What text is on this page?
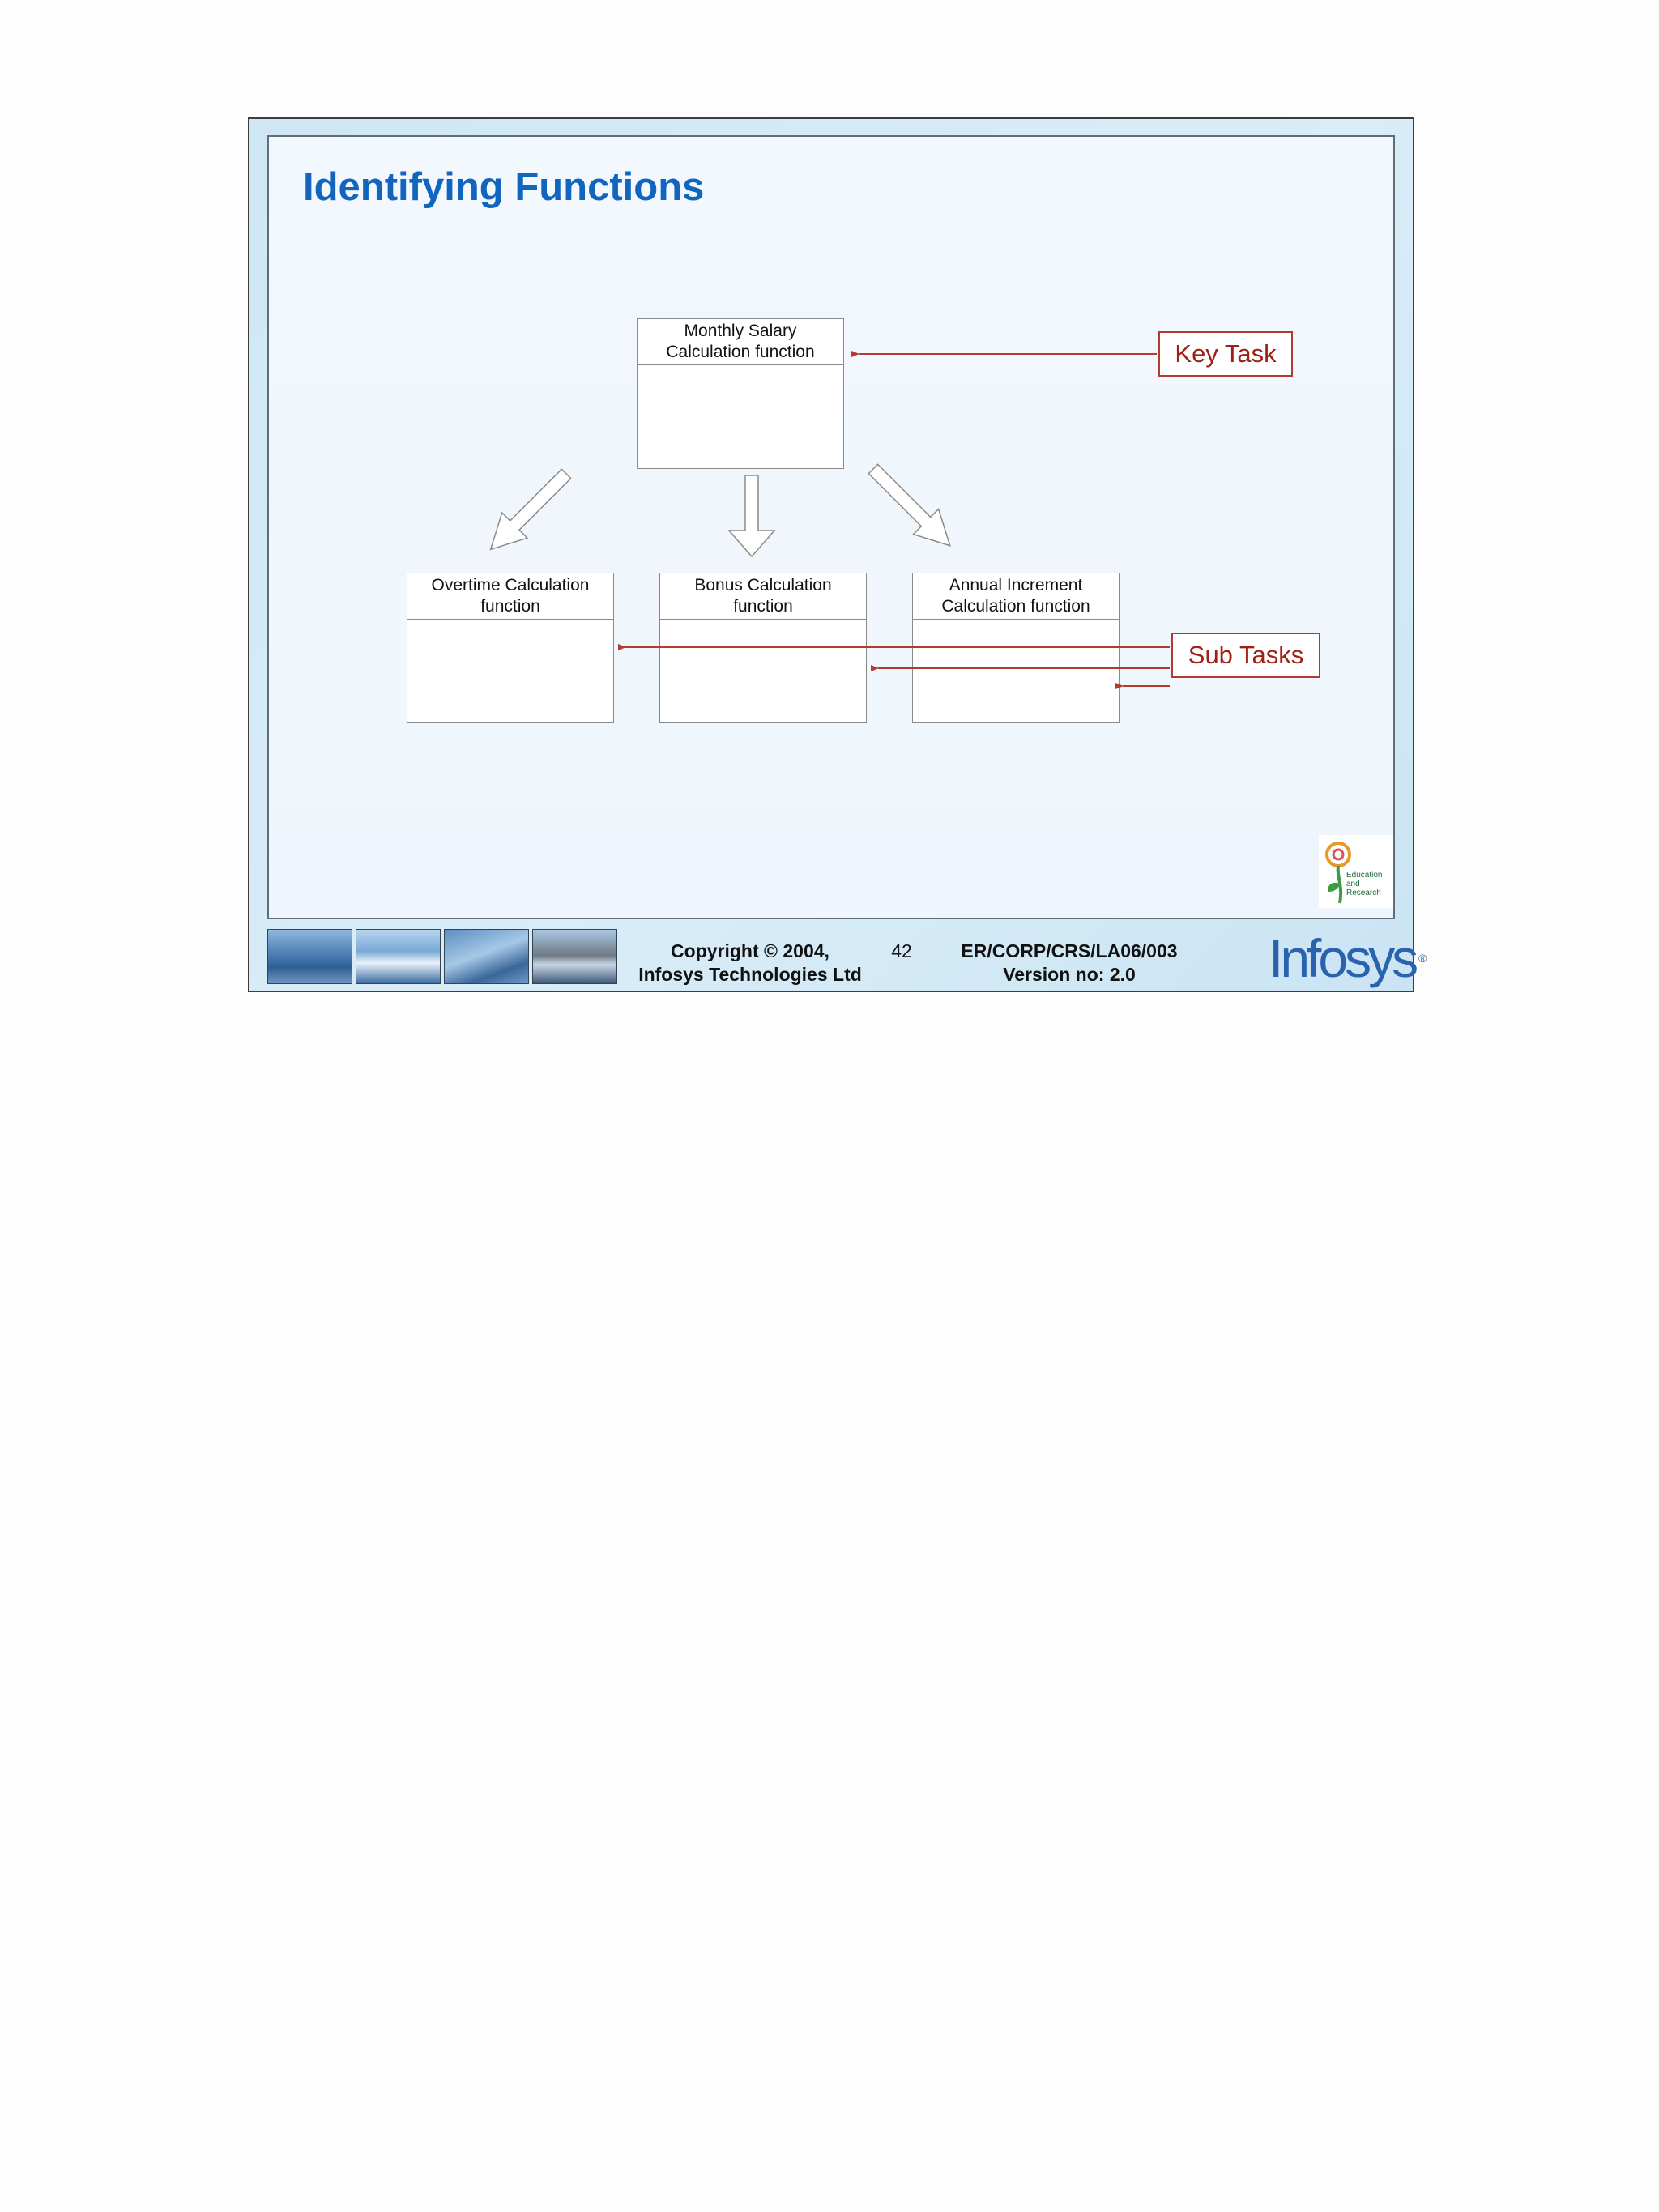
Identifying Functions
Monthly Salary
Calculation function
Overtime Calculation
function
Bonus Calculation
function
Annual Increment
Calculation function
Key Task
Sub Tasks
Education
and
Research
Copyright © 2004,
Infosys Technologies Ltd
42	ER/CORP/CRS/LA06/003
Version no: 2.0	Infosys ®
